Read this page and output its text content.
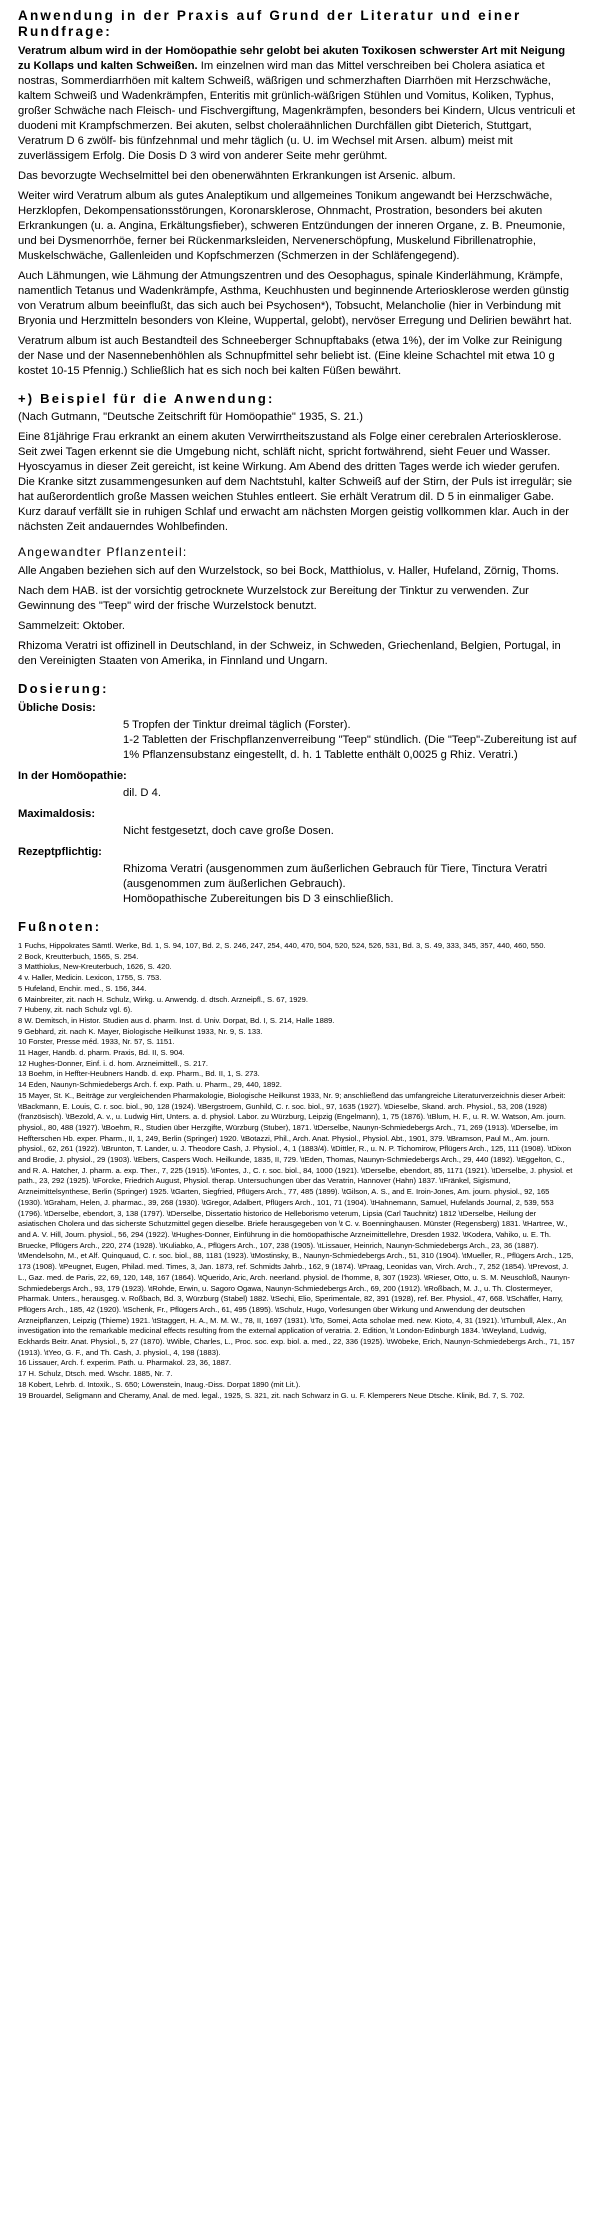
Anwendung in der Praxis auf Grund der Literatur und einer Rundfrage:

Veratrum album wird in der Homöopathie sehr gelobt bei akuten Toxikosen schwerster Art mit Neigung zu Kollaps und kalten Schweißen. Im einzelnen wird man das Mittel verschreiben bei Cholera asiatica et nostras, Sommerdiarrhöen mit kaltem Schweiß, wäßrigen und schmerzhaften Diarrhöen mit Herzschwäche, kaltem Schweiß und Wadenkrämpfen, Enteritis mit grünlich-wäßrigen Stühlen und Vomitus, Koliken, Typhus, großer Schwäche nach Fleisch- und Fischvergiftung, Magenkrämpfen, besonders bei Kindern, Ulcus ventriculi et duodeni mit Krampfschmerzen. Bei akuten, selbst choleraähnlichen Durchfällen gibt Dieterich, Stuttgart, Veratrum D 6 zwölf- bis fünfzehnmal und mehr täglich (u. U. im Wechsel mit Arsen. album) meist mit zuverlässigem Erfolg. Die Dosis D 3 wird von anderer Seite mehr gerühmt.

Das bevorzugte Wechselmittel bei den obenerwähnten Erkrankungen ist Arsenic. album.

Weiter wird Veratrum album als gutes Analeptikum und allgemeines Tonikum angewandt bei Herzschwäche, Herzklopfen, Dekompensationsstörungen, Koronarsklerose, Ohnmacht, Prostration, besonders bei akuten Erkrankungen (u. a. Angina, Erkältungsfieber), schweren Entzündungen der inneren Organe, z. B. Pneumonie, und bei Dysmenorrhöe, ferner bei Rückenmarksleiden, Nervenerschöpfung, Muskelund Fibrillenatrophie, Muskelschwäche, Gallenleiden und Kopfschmerzen (Schmerzen in der Schläfengegend).

Auch Lähmungen, wie Lähmung der Atmungszentren und des Oesophagus, spinale Kinderlähmung, Krämpfe, namentlich Tetanus und Wadenkrämpfe, Asthma, Keuchhusten und beginnende Arteriosklerose werden günstig von Veratrum album beeinflußt, das sich auch bei Psychosen*), Tobsucht, Melancholie (hier in Verbindung mit Bryonia und Herzmitteln besonders von Kleine, Wuppertal, gelobt), nervöser Erregung und Delirien bewährt hat.

Veratrum album ist auch Bestandteil des Schneeberger Schnupftabaks (etwa 1%), der im Volke zur Reinigung der Nase und der Nasennebenhöhlen als Schnupfmittel sehr beliebt ist. (Eine kleine Schachtel mit etwa 10 g kostet 10-15 Pfennig.) Schließlich hat es sich noch bei kalten Füßen bewährt.

+) Beispiel für die Anwendung:

(Nach Gutmann, "Deutsche Zeitschrift für Homöopathie" 1935, S. 21.)

Eine 81jährige Frau erkrankt an einem akuten Verwirrtheitszustand als Folge einer cerebralen Arteriosklerose. Seit zwei Tagen erkennt sie die Umgebung nicht, schläft nicht, spricht fortwährend, sieht Feuer und Wasser. Hyoscyamus in dieser Zeit gereicht, ist keine Wirkung. Am Abend des dritten Tages werde ich wieder gerufen. Die Kranke sitzt zusammengesunken auf dem Nachtstuhl, kalter Schweiß auf der Stirn, der Puls ist irregulär; sie hat außerordentlich große Massen weichen Stuhles entleert. Sie erhält Veratrum dil. D 5 in einmaliger Gabe. Kurz darauf verfällt sie in ruhigen Schlaf und erwacht am nächsten Morgen geistig vollkommen klar. Auch in der nächsten Zeit andauerndes Wohlbefinden.

Angewandter Pflanzenteil:

Alle Angaben beziehen sich auf den Wurzelstock, so bei Bock, Matthiolus, v. Haller, Hufeland, Zörnig, Thoms.

Nach dem HAB. ist der vorsichtig getrocknete Wurzelstock zur Bereitung der Tinktur zu verwenden. Zur Gewinnung des "Teep" wird der frische Wurzelstock benutzt.

Sammelzeit: Oktober.

Rhizoma Veratri ist offizinell in Deutschland, in der Schweiz, in Schweden, Griechenland, Belgien, Portugal, in den Vereinigten Staaten von Amerika, in Finnland und Ungarn.

Dosierung:
Übliche Dosis:
5 Tropfen der Tinktur dreimal täglich (Forster).
1-2 Tabletten der Frischpflanzenverreibung "Teep" stündlich. (Die "Teep"-Zubereitung ist auf 1% Pflanzensubstanz eingestellt, d. h. 1 Tablette enthält 0,0025 g Rhiz. Veratri.)
In der Homöopathie:
dil. D 4.
Maximaldosis:
Nicht festgesetzt, doch cave große Dosen.
Rezeptpflichtig:
Rhizoma Veratri (ausgenommen zum äußerlichen Gebrauch für Tiere, Tinctura Veratri (ausgenommen zum äußerlichen Gebrauch).
Homöopathische Zubereitungen bis D 3 einschließlich.
Fußnoten:

1 Fuchs, Hippokrates Sämtl. Werke, Bd. 1, S. 94, 107, Bd. 2, S. 246, 247, 254, 440, 470, 504, 520, 524, 526, 531, Bd. 3, S. 49, 333, 345, 357, 440, 460, 550.

2 Bock, Kreutterbuch, 1565, S. 254.

3 Matthiolus, New-Kreuterbuch, 1626, S. 420.

4 v. Haller, Medicin. Lexicon, 1755, S. 753.

5 Hufeland, Enchir. med., S. 156, 344.

6 Mainbreiter, zit. nach H. Schulz, Wirkg. u. Anwendg. d. dtsch. Arzneipfl., S. 67, 1929.

7 Hubeny, zit. nach Schulz vgl. 6).

8 W. Demitsch, in Histor. Studien aus d. pharm. Inst. d. Univ. Dorpat, Bd. I, S. 214, Halle 1889.

9 Gebhard, zit. nach K. Mayer, Biologische Heilkunst 1933, Nr. 9, S. 133.

10 Forster, Presse méd. 1933, Nr. 57, S. 1151.

11 Hager, Handb. d. pharm. Praxis, Bd. II, S. 904.

12 Hughes-Donner, Einf. i. d. hom. Arzneimittell., S. 217.

13 Boehm, in Heffter-Heubners Handb. d. exp. Pharm., Bd. II, 1, S. 273.

14 Eden, Naunyn-Schmiedebergs Arch. f. exp. Path. u. Pharm., 29, 440, 1892.

15 Mayer, St. K., Beiträge zur vergleichenden Pharmakologie, Biologische Heilkunst 1933, Nr. 9; anschließend das umfangreiche Literaturverzeichnis dieser Arbeit: \tBackmann, E. Louis, C. r. soc. biol., 90, 128 (1924). \tBergstroem, Gunhild, C. r. soc. biol., 97, 1635 (1927). \tDieselbe, Skand. arch. Physiol., 53, 208 (1928) (französisch). \tBezold, A. v., u. Ludwig Hirt, Unters. a. d. physiol. Labor. zu Würzburg, Leipzig (Engelmann), 1, 75 (1876). \tBlum, H. F., u. R. W. Watson, Am. journ. physiol., 80, 488 (1927). \tBoehm, R., Studien über Herzgifte, Würzburg (Stuber), 1871. \tDerselbe, Naunyn-Schmiedebergs Arch., 71, 269 (1913). \tDerselbe, im Heffterschen Hb. exper. Pharm., II, 1, 249, Berlin (Springer) 1920. \tBotazzi, Phil., Arch. Anat. Physiol., Physiol. Abt., 1901, 379. \tBramson, Paul M., Am. journ. physiol., 62, 261 (1922). \tBrunton, T. Lander, u. J. Theodore Cash, J. Physiol., 4, 1 (1883/4). \tDittler, R., u. N. P. Tichomirow, Pflügers Arch., 125, 111 (1908). \tDixon and Brodie, J. physiol., 29 (1903). \tEbers, Caspers Woch. Heilkunde, 1835, II, 729. \tEden, Thomas, Naunyn-Schmiedebergs Arch., 29, 440 (1892). \tEggelton, C., and R. A. Hatcher, J. pharm. a. exp. Ther., 7, 225 (1915). \tFontes, J., C. r. soc. biol., 84, 1000 (1921). \tDerselbe, ebendort, 85, 1171 (1921). \tDerselbe, J. physiol. et path., 23, 292 (1925). \tForcke, Friedrich August, Physiol. therap. Untersuchungen über das Veratrin, Hannover (Hahn) 1837. \tFränkel, Sigismund, Arzneimittelsynthese, Berlin (Springer) 1925. \tGarten, Siegfried, Pflügers Arch., 77, 485 (1899). \tGilson, A. S., and E. Iroin-Jones, Am. journ. physiol., 92, 165 (1930). \tGraham, Helen, J. pharmac., 39, 268 (1930). \tGregor, Adalbert, Pflügers Arch., 101, 71 (1904). \tHahnemann, Samuel, Hufelands Journal, 2, 539, 553 (1796). \tDerselbe, ebendort, 3, 138 (1797). \tDerselbe, Dissertatio historico de Helleborismo veterum, Lipsia (Carl Tauchnitz) 1812 \tDerselbe, Heilung der asiatischen Cholera und das sicherste Schutzmittel gegen dieselbe. Briefe herausgegeben von \t C. v. Boenninghausen. Münster (Regensberg) 1831. \tHartree, W., and A. V. Hill, Journ. physiol., 56, 294 (1922). \tHughes-Donner, Einführung in die homöopathische Arzneimittellehre, Dresden 1932. \tKodera, Vahiko, u. E. Th. Bruecke, Pflügers Arch., 220, 274 (1928). \tKuliabko, A., Pflügers Arch., 107, 238 (1905). \tLissauer, Heinrich, Naunyn-Schmiedebergs Arch., 23, 36 (1887). \tMendelsohn, M., et Alf. Quinquaud, C. r. soc. biol., 88, 1181 (1923). \tMostinsky, B., Naunyn-Schmiedebergs Arch., 51, 310 (1904). \tMueller, R., Pflügers Arch., 125, 173 (1908). \tPeugnet, Eugen, Philad. med. Times, 3, Jan. 1873, ref. Schmidts Jahrb., 162, 9 (1874). \tPraag, Leonidas van, Virch. Arch., 7, 252 (1854). \tPrevost, J. L., Gaz. med. de Paris, 22, 69, 120, 148, 167 (1864). \tQuerido, Aric, Arch. neerland. physiol. de l'homme, 8, 307 (1923). \tRieser, Otto, u. S. M. Neuschloß, Naunyn-Schmiedebergs Arch., 93, 179 (1923). \tRohde, Erwin, u. Sagoro Ogawa, Naunyn-Schmiedebergs Arch., 69, 200 (1912). \tRoßbach, M. J., u. Th. Clostermeyer, Pharmak. Unters., herausgeg. v. Roßbach, Bd. 3, Würzburg (Stabel) 1882. \tSechi, Elio, Sperimentale, 82, 391 (1928), ref. Ber. Physiol., 47, 668. \tSchäffer, Harry, Pflügers Arch., 185, 42 (1920). \tSchenk, Fr., Pflügers Arch., 61, 495 (1895). \tSchulz, Hugo, Vorlesungen über Wirkung und Anwendung der deutschen Arzneipflanzen, Leipzig (Thieme) 1921. \tStaggert, H. A., M. M. W., 78, II, 1697 (1931). \tTo, Somei, Acta scholae med. new. Kioto, 4, 31 (1921). \tTurnbull, Alex., An investigation into the remarkable medicinal effects resulting from the external application of veratria. 2. Edition, \t London-Edinburgh 1834. \tWeyland, Ludwig, Eckhards Beitr. Anat. Physiol., 5, 27 (1870). \tWible, Charles, L., Proc. soc. exp. biol. a. med., 22, 336 (1925). \tWöbeke, Erich, Naunyn-Schmiedebergs Arch., 71, 157 (1913). \tYeo, G. F., and Th. Cash, J. physiol., 4, 198 (1883).

16 Lissauer, Arch. f. experim. Path. u. Pharmakol. 23, 36, 1887.

17 H. Schulz, Dtsch. med. Wschr. 1885, Nr. 7.

18 Kobert, Lehrb. d. Intoxik., S. 650; Löwenstein, Inaug.-Diss. Dorpat 1890 (mit Lit.).

19 Brouardel, Seligmann and Cheramy, Anal. de med. legal., 1925, S. 321, zit. nach Schwarz in G. u. F. Klemperers Neue Dtsche. Klinik, Bd. 7, S. 702.
